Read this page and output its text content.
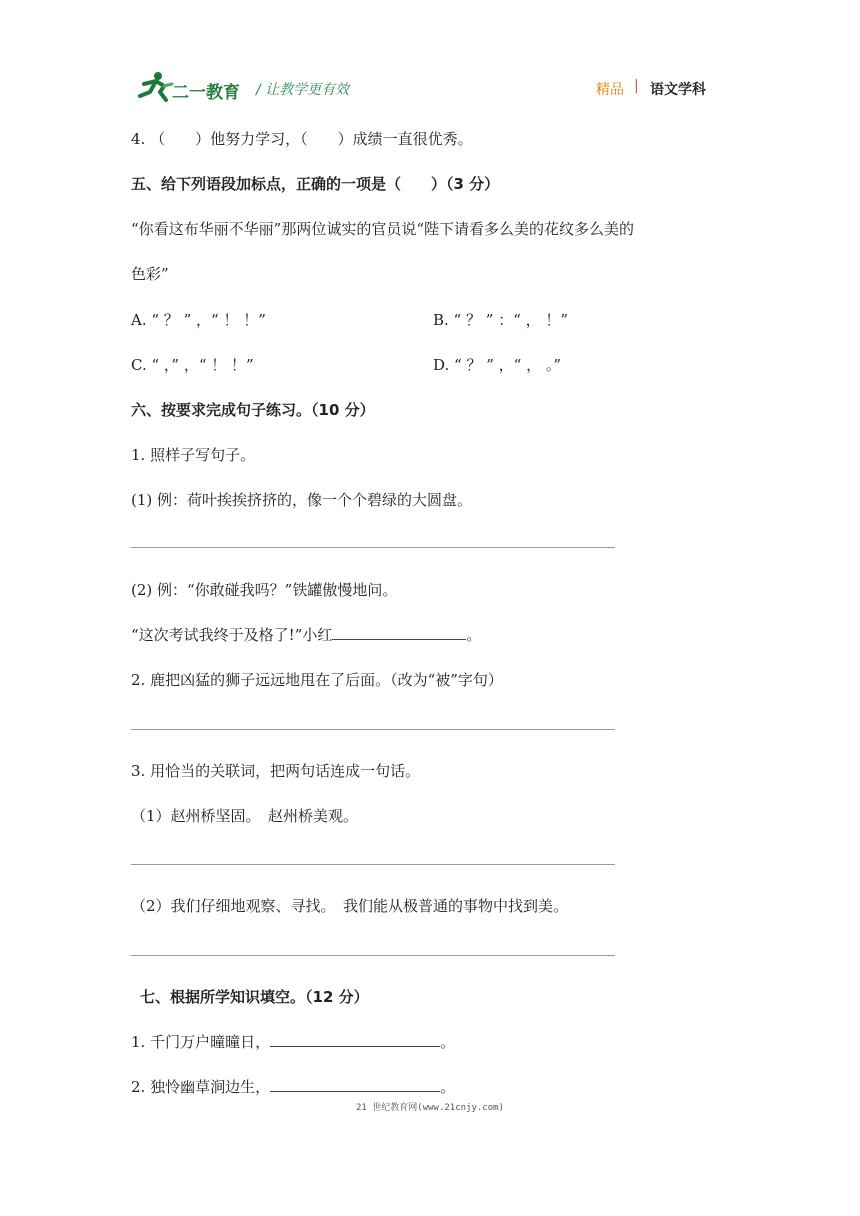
二一教育 / 让教学更有效	精品 | 语文学科
4. （　　）他努力学习，（　　）成绩一直很优秀。
五、给下列语段加标点，正确的一项是（　　）（3 分）
“你看这布华丽不华丽”那两位诚实的官员说“陛下请看多么美的花纹多么美的
色彩”
A. “ ？ ” ，“ ！ ！”	B. “ ？ ” ：“ ， ！”
C. “ ，” ，“ ！ ！”	D. “ ？ ” ，“ ， 。”
六、按要求完成句子练习。（10 分）
1. 照样子写句子。
(1) 例：荷叶挨挨挤挤的，像一个个碧绿的大圆盘。
(2) 例：“你敢碰我吗？”铁罐傲慢地问。
“这次考试我终于及格了!”小红	。
2. 鹿把凶猛的狮子远远地甩在了后面。（改为“被”字句）
3. 用恰当的关联词，把两句话连成一句话。
（1）赵州桥坚固。　赵州桥美观。
（2）我们仔细地观察、寻找。　我们能从极普通的事物中找到美。
七、根据所学知识填空。（12 分）
1. 千门万户曈曈日，	。
2. 独怜幽草涧边生，	。
21 世纪教育网(www.21cnjy.com)
